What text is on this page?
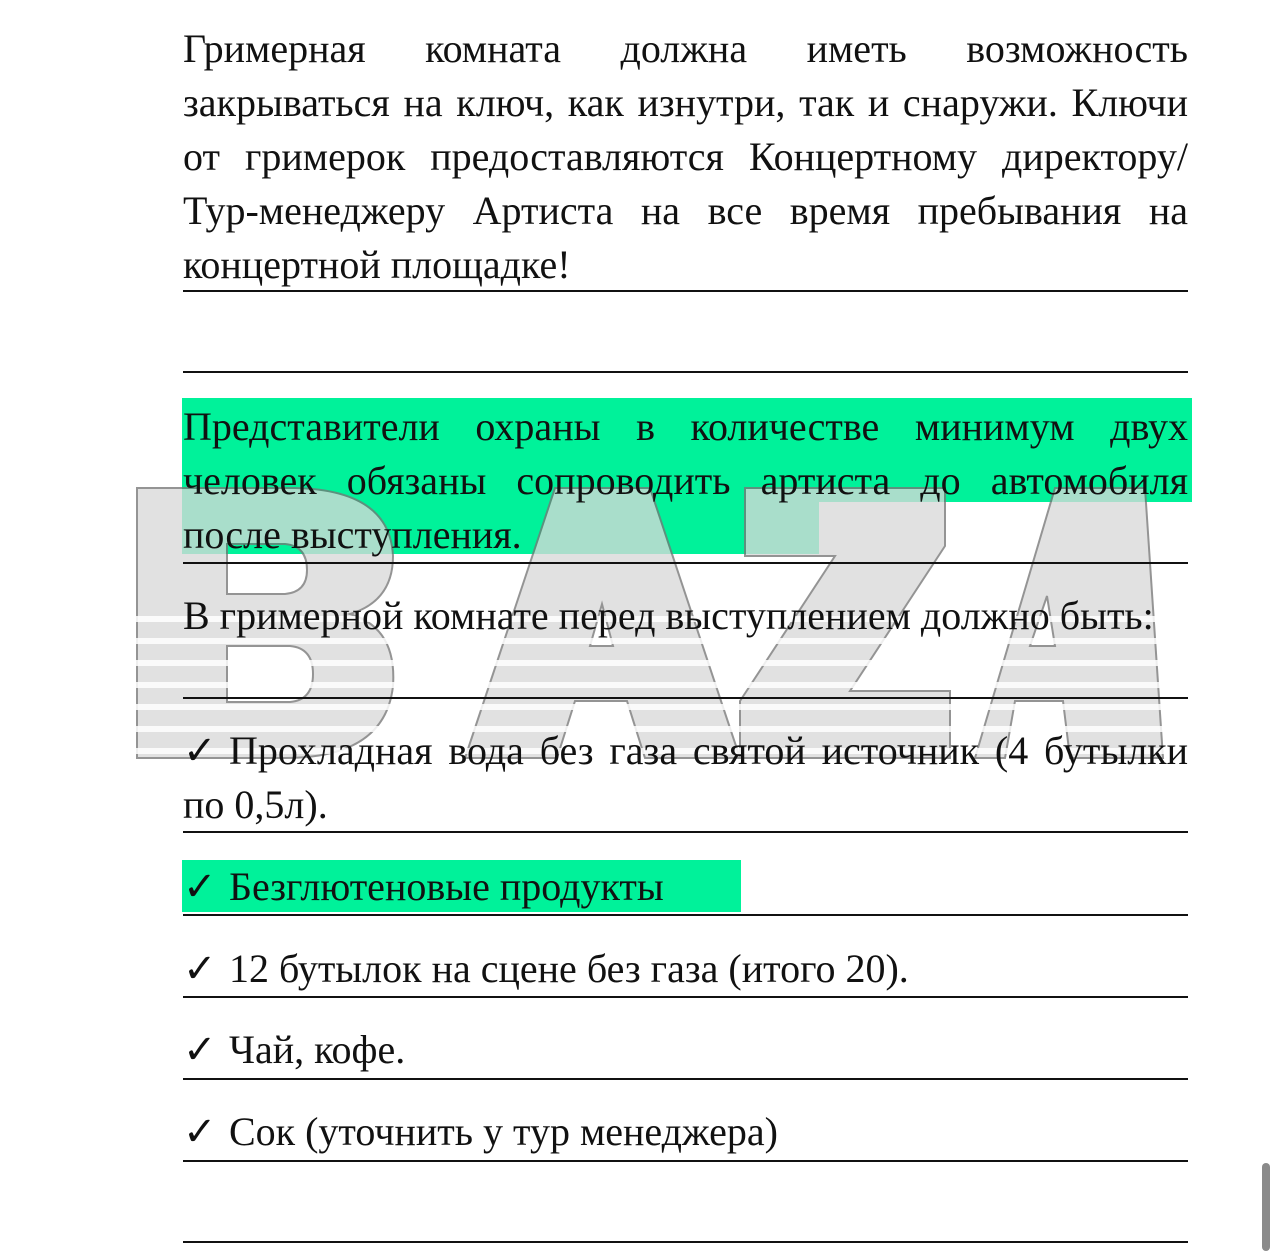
Гримерная комната должна иметь возможность закрываться на ключ, как изнутри, так и снаружи. Ключи от гримерок предоставляются Концертному директору/Тур-менеджеру Артиста на все время пребывания на концертной площадке!

Представители охраны в количестве минимум двух человек обязаны сопроводить артиста до автомобиля после выступления.

В гримерной комнате перед выступлением должно быть:

✓ Прохладная вода без газа святой источник (4 бутылки по 0,5л).

✓ Безглютеновые продукты

✓ 12 бутылок на сцене без газа (итого 20).

✓ Чай, кофе.

✓ Сок (уточнить у тур менеджера)
